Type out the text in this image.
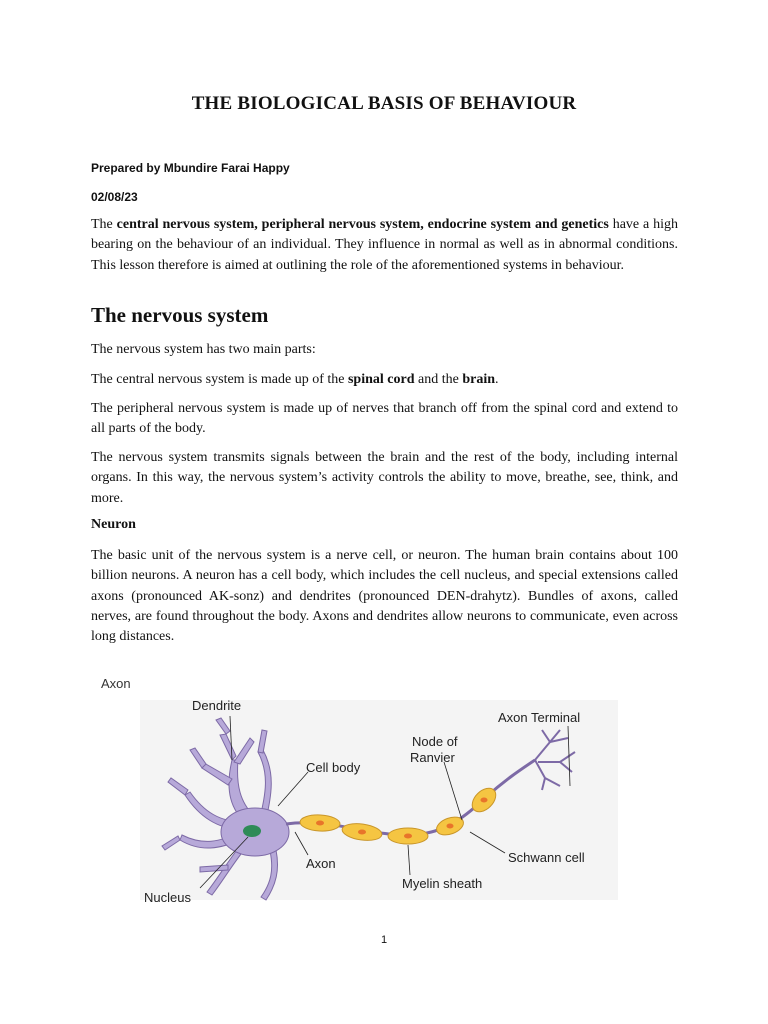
THE BIOLOGICAL BASIS OF BEHAVIOUR
Prepared by Mbundire Farai Happy
02/08/23

The central nervous system, peripheral nervous system, endocrine system and genetics have a high bearing on the behaviour of an individual. They influence in normal as well as in abnormal conditions. This lesson therefore is aimed at outlining the role of the aforementioned systems in behaviour.

The nervous system

The nervous system has two main parts:

The central nervous system is made up of the spinal cord and the brain.

The peripheral nervous system is made up of nerves that branch off from the spinal cord and extend to all parts of the body.

The nervous system transmits signals between the brain and the rest of the body, including internal organs. In this way, the nervous system’s activity controls the ability to move, breathe, see, think, and more.

Neuron

The basic unit of the nervous system is a nerve cell, or neuron. The human brain contains about 100 billion neurons. A neuron has a cell body, which includes the cell nucleus, and special extensions called axons (pronounced AK-sonz) and dendrites (pronounced DEN-drahytz). Bundles of axons, called nerves, are found throughout the body. Axons and dendrites allow neurons to communicate, even across long distances.

Axon
Dendrite
Cell body
Axon
Nucleus
Node of
Ranvier
Axon Terminal
Schwann cell
Myelin sheath
1
